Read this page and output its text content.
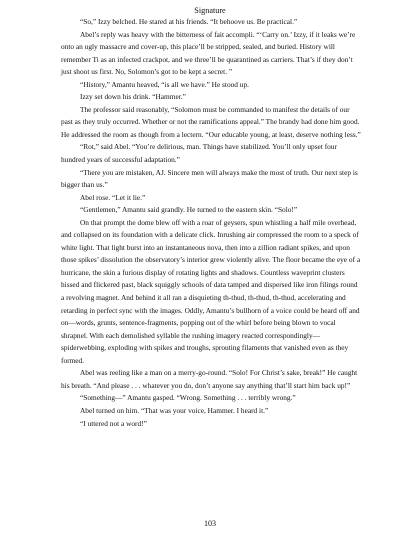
Signature

“So,” Izzy belched. He stared at his friends. “It behoove us. Be practical.”

Abel’s reply was heavy with the bitterness of fait accompli. “‘Carry on.’ Izzy, if it leaks we’re onto an ugly massacre and cover-up, this place’ll be stripped, sealed, and buried. History will remember Ti as an infected crackpot, and we three’ll be quarantined as carriers. That’s if they don’t just shoot us first. No, Solomon’s got to be kept a secret. ”

“History,” Amantu heaved, “is all we have.” He stood up.

Izzy set down his drink. “Hammer.”

The professor said reasonably, “Solomon must be commanded to manifest the details of our past as they truly occurred. Whether or not the ramifications appeal.” The brandy had done him good. He addressed the room as though from a lectern. “Our educable young, at least, deserve nothing less.”

“Rot,” said Abel. “You’re delirious, man. Things have stabilized. You’ll only upset four hundred years of successful adaptation.”

“There you are mistaken, AJ. Sincere men will always make the most of truth. Our next step is bigger than us.”

Abel rose. “Let it lie.”

“Gentlemen,” Amantu said grandly. He turned to the eastern skin. “Solo!”

On that prompt the dome blew off with a roar of geysers, spun whistling a half mile overhead, and collapsed on its foundation with a delicate click. Inrushing air compressed the room to a speck of white light. That light burst into an instantaneous nova, then into a zillion radiant spikes, and upon those spikes’ dissolution the observatory’s interior grew violently alive. The floor became the eye of a hurricane, the skin a furious display of rotating lights and shadows. Countless waveprint clusters hissed and flickered past, black squiggly schools of data tamped and dispersed like iron filings round a revolving magnet. And behind it all ran a disquieting th-thud, th-thud, th-thud, accelerating and retarding in perfect sync with the images. Oddly, Amantu’s bullhorn of a voice could be heard off and on—words, grunts, sentence-fragments, popping out of the whirl before being blown to vocal shrapnel. With each demolished syllable the rushing imagery reacted correspondingly—spiderwebbing, exploding with spikes and troughs, sprouting filaments that vanished even as they formed.

Abel was reeling like a man on a merry-go-round. “Solo! For Christ’s sake, break!” He caught his breath. “And please . . . whatever you do, don’t anyone say anything that’ll start him back up!”

“Something—” Amantu gasped. “Wrong. Something . . . terribly wrong.”

Abel turned on him. “That was your voice, Hammer. I heard it.”

“I uttered not a word!”

103
